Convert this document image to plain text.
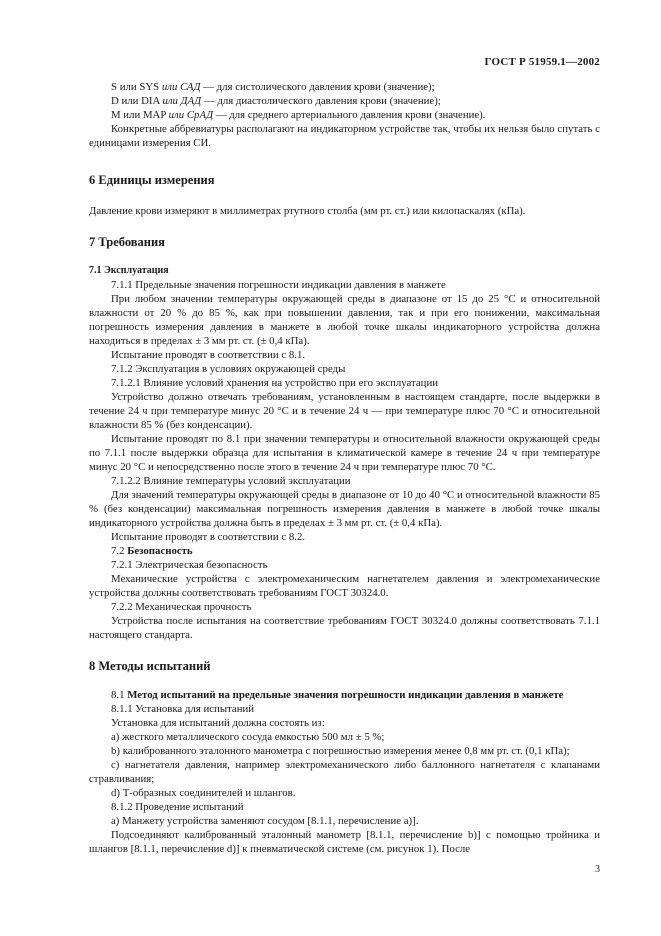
ГОСТ Р 51959.1—2002

S или SYS или САД — для систолического давления крови (значение);

D или DIA или ДАД — для диастолического давления крови (значение);

M или MAP или СрАД — для среднего артериального давления крови (значение).

Конкретные аббревиатуры располагают на индикаторном устройстве так, чтобы их нельзя было спутать с единицами измерения СИ.

6 Единицы измерения

Давление крови измеряют в миллиметрах ртутного столба (мм рт. ст.) или килопаскалях (кПа).

7 Требования

7.1 Эксплуатация

7.1.1 Предельные значения погрешности индикации давления в манжете

При любом значении температуры окружающей среды в диапазоне от 15 до 25 °С и относительной влажности от 20 % до 85 %, как при повышении давления, так и при его понижении, максимальная погрешность измерения давления в манжете в любой точке шкалы индикаторного устройства должна находиться в пределах ± 3 мм рт. ст. (± 0,4 кПа).

Испытание проводят в соответствии с 8.1.

7.1.2 Эксплуатация в условиях окружающей среды

7.1.2.1 Влияние условий хранения на устройство при его эксплуатации

Устройство должно отвечать требованиям, установленным в настоящем стандарте, после выдержки в течение 24 ч при температуре минус 20 °С и в течение 24 ч — при температуре плюс 70 °С и относительной влажности 85 % (без конденсации).

Испытание проводят по 8.1 при значении температуры и относительной влажности окружающей среды по 7.1.1 после выдержки образца для испытания в климатической камере в течение 24 ч при температуре минус 20 °С и непосредственно после этого в течение 24 ч при температуре плюс 70 °С.

7.1.2.2 Влияние температуры условий эксплуатации

Для значений температуры окружающей среды в диапазоне от 10 до 40 °С и относительной влажности 85 % (без конденсации) максимальная погрешность измерения давления в манжете в любой точке шкалы индикаторного устройства должна быть в пределах ± 3 мм рт. ст. (± 0,4 кПа).

Испытание проводят в соответствии с 8.2.

7.2 Безопасность

7.2.1 Электрическая безопасность

Механические устройства с электромеханическим нагнетателем давления и электромеханические устройства должны соответствовать требованиям ГОСТ 30324.0.

7.2.2 Механическая прочность

Устройства после испытания на соответствие требованиям ГОСТ 30324.0 должны соответствовать 7.1.1 настоящего стандарта.

8 Методы испытаний

8.1 Метод испытаний на предельные значения погрешности индикации давления в манжете

8.1.1 Установка для испытаний

Установка для испытаний должна состоять из:

а) жесткого металлического сосуда емкостью 500 мл ± 5 %;

b) калиброванного эталонного манометра с погрешностью измерения менее 0,8 мм рт. ст. (0,1 кПа);

с) нагнетателя давления, например электромеханического либо баллонного нагнетателя с клапанами стравливания;

d) Т-образных соединителей и шлангов.

8.1.2 Проведение испытаний

а) Манжету устройства заменяют сосудом [8.1.1, перечисление а)].

Подсоединяют калиброванный эталонный манометр [8.1.1, перечисление b)] с помощью тройника и шлангов [8.1.1, перечисление d)] к пневматической системе (см. рисунок 1). После

3
